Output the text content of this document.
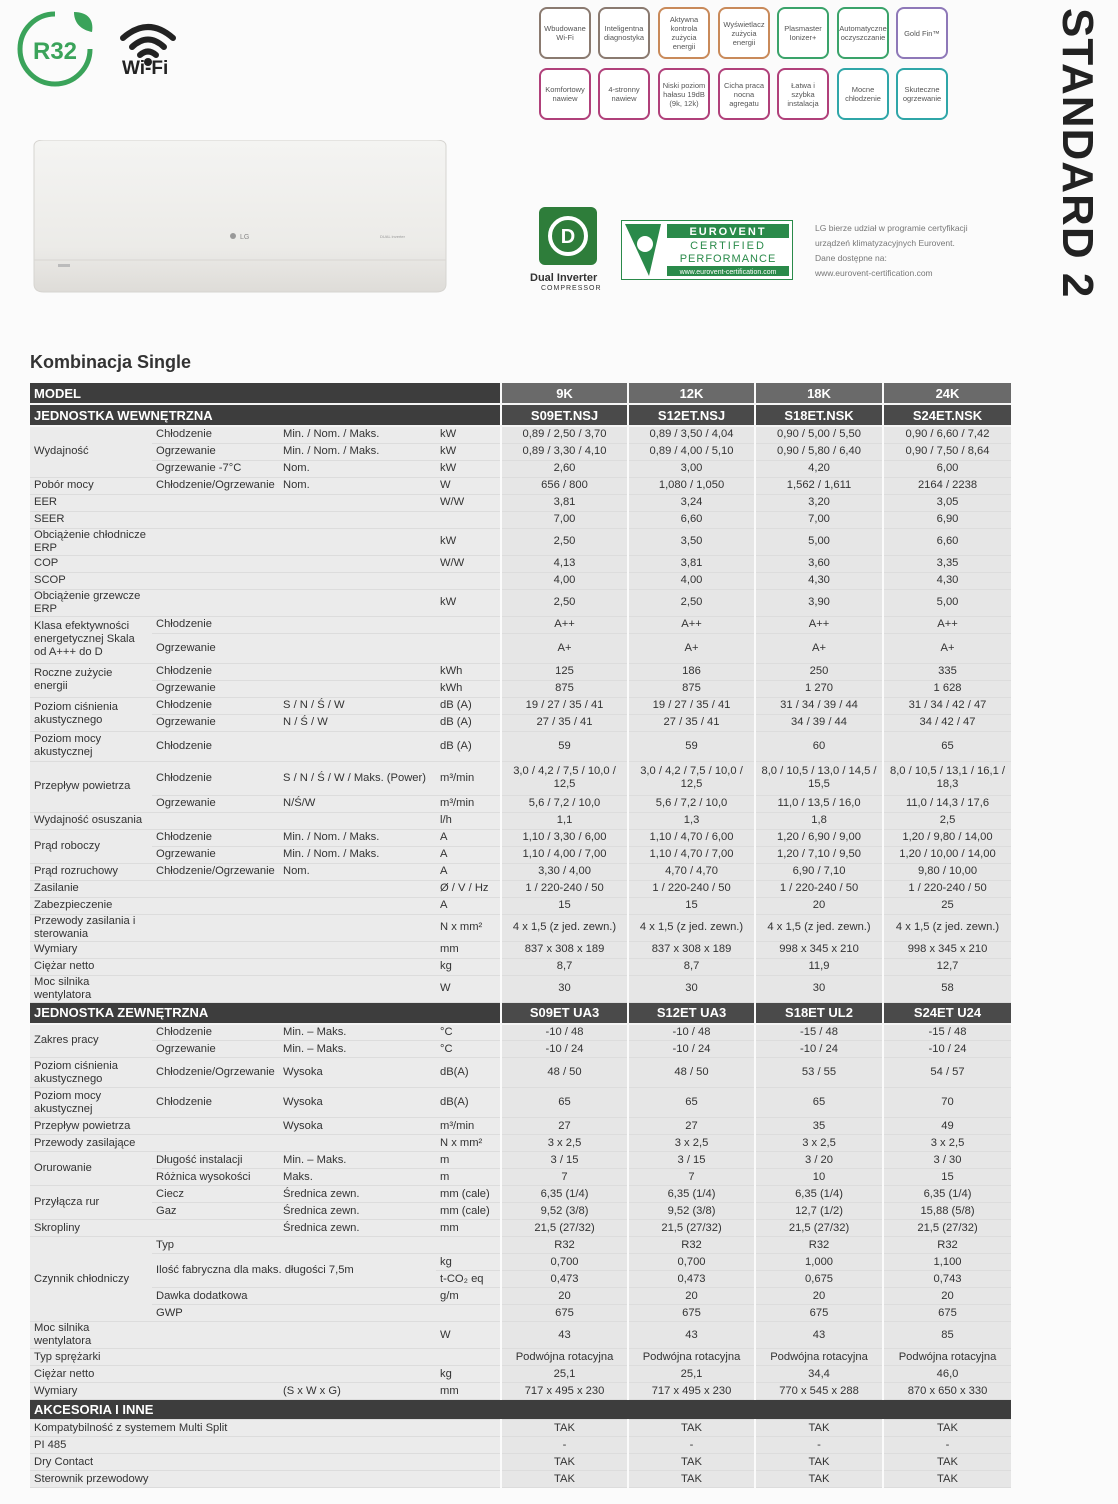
R32
Wi-Fi
Wbudowane Wi-Fi
Inteligentna diagnostyka
Aktywna kontrola zużycia energii
Wyświetlacz zużycia energii
Plasmaster Ionizer+
Automatyczne oczyszczanie	Gold Fin™
Komfortowy nawiew
4-stronny nawiew
Niski poziom hałasu 19dB (9k, 12k)
Cicha praca nocna agregatu
Łatwa i szybka instalacja
Mocne chłodzenie
Skuteczne ogrzewanie	STANDARD 2
LG	DUAL inverter	D
Dual Inverter
COMPRESSOR
EUROVENT
CERTIFIED
PERFORMANCE
www.eurovent-certification.com
LG bierze udział w programie certyfikacji
urządzeń klimatyzacyjnych Eurovent.
Dane dostępne na:
www.eurovent-certification.com
Kombinacja Single
MODEL				9K	12K	18K	24K
JEDNOSTKA WEWNĘTRZNA				S09ET.NSJ	S12ET.NSJ	S18ET.NSK	S24ET.NSK
Wydajność	Chłodzenie	Min. / Nom. / Maks.	kW	0,89 / 2,50 / 3,70	0,89 / 3,50 / 4,04	0,90 / 5,00 / 5,50	0,90 / 6,60 / 7,42
	Ogrzewanie	Min. / Nom. / Maks.	kW	0,89 / 3,30 / 4,10	0,89 / 4,00 / 5,10	0,90 / 5,80 / 6,40	0,90 / 7,50 / 8,64
	Ogrzewanie -7°C	Nom.	kW	2,60	3,00	4,20	6,00
Pobór mocy	Chłodzenie/Ogrzewanie	Nom.	W	656 / 800	1,080 / 1,050	1,562 / 1,611	2164 / 2238
EER			W/W	3,81	3,24	3,20	3,05
SEER				7,00	6,60	7,00	6,90
Obciążenie chłodnicze ERP			kW	2,50	3,50	5,00	6,60
COP			W/W	4,13	3,81	3,60	3,35
SCOP				4,00	4,00	4,30	4,30
Obciążenie grzewcze ERP			kW	2,50	2,50	3,90	5,00
Klasa efektywności energetycznej Skala od A+++ do D	Chłodzenie			A++	A++	A++	A++
	Ogrzewanie			A+	A+	A+	A+
Roczne zużycie energii	Chłodzenie		kWh	125	186	250	335
	Ogrzewanie		kWh	875	875	1 270	1 628
Poziom ciśnienia akustycznego	Chłodzenie	S / N / Ś / W	dB (A)	19 / 27 / 35 / 41	19 / 27 / 35 / 41	31 / 34 / 39 / 44	31 / 34 / 42 / 47
	Ogrzewanie	N / Ś / W	dB (A)	27 / 35 / 41	27 / 35 / 41	34 / 39 / 44	34 / 42 / 47
Poziom mocy akustycznej	Chłodzenie		dB (A)	59	59	60	65
Przepływ powietrza	Chłodzenie	S / N / Ś / W / Maks. (Power)	m³/min	3,0 / 4,2 / 7,5 / 10,0 / 12,5	3,0 / 4,2 / 7,5 / 10,0 / 12,5	8,0 / 10,5 / 13,0 / 14,5 / 15,5	8,0 / 10,5 / 13,1 / 16,1 / 18,3
	Ogrzewanie	N/Ś/W	m³/min	5,6 / 7,2 / 10,0	5,6 / 7,2 / 10,0	11,0 / 13,5 / 16,0	11,0 / 14,3 / 17,6
Wydajność osuszania			l/h	1,1	1,3	1,8	2,5
Prąd roboczy	Chłodzenie	Min. / Nom. / Maks.	A	1,10 / 3,30 / 6,00	1,10 / 4,70 / 6,00	1,20 / 6,90 / 9,00	1,20 / 9,80 / 14,00
	Ogrzewanie	Min. / Nom. / Maks.	A	1,10 / 4,00 / 7,00	1,10 / 4,70 / 7,00	1,20 / 7,10 / 9,50	1,20 / 10,00 / 14,00
Prąd rozruchowy	Chłodzenie/Ogrzewanie	Nom.	A	3,30 / 4,00	4,70 / 4,70	6,90 / 7,10	9,80 / 10,00
Zasilanie			Ø / V / Hz	1 / 220-240 / 50	1 / 220-240 / 50	1 / 220-240 / 50	1 / 220-240 / 50
Zabezpieczenie			A	15	15	20	25
Przewody zasilania i sterowania			N x mm²	4 x 1,5 (z jed. zewn.)	4 x 1,5 (z jed. zewn.)	4 x 1,5 (z jed. zewn.)	4 x 1,5 (z jed. zewn.)
Wymiary			mm	837 x 308 x 189	837 x 308 x 189	998 x 345 x 210	998 x 345 x 210
Ciężar netto			kg	8,7	8,7	11,9	12,7
Moc silnika wentylatora			W	30	30	30	58
JEDNOSTKA ZEWNĘTRZNA				S09ET UA3	S12ET UA3	S18ET UL2	S24ET U24
Zakres pracy	Chłodzenie	Min. – Maks.	°C	-10 / 48	-10 / 48	-15 / 48	-15 / 48
	Ogrzewanie	Min. – Maks.	°C	-10 / 24	-10 / 24	-10 / 24	-10 / 24
Poziom ciśnienia akustycznego	Chłodzenie/Ogrzewanie	Wysoka	dB(A)	48 / 50	48 / 50	53 / 55	54 / 57
Poziom mocy akustycznej	Chłodzenie	Wysoka	dB(A)	65	65	65	70
Przepływ powietrza		Wysoka	m³/min	27	27	35	49
Przewody zasilające			N x mm²	3 x 2,5	3 x 2,5	3 x 2,5	3 x 2,5
Orurowanie	Długość instalacji	Min. – Maks.	m	3 / 15	3 / 15	3 / 20	3 / 30
	Różnica wysokości	Maks.	m	7	7	10	15
Przyłącza rur	Ciecz	Średnica zewn.	mm (cale)	6,35 (1/4)	6,35 (1/4)	6,35 (1/4)	6,35 (1/4)
	Gaz	Średnica zewn.	mm (cale)	9,52 (3/8)	9,52 (3/8)	12,7 (1/2)	15,88 (5/8)
Skropliny		Średnica zewn.	mm	21,5 (27/32)	21,5 (27/32)	21,5 (27/32)	21,5 (27/32)
Czynnik chłodniczy	Typ			R32	R32	R32	R32
	Ilość fabryczna dla maks. długości 7,5m		kg	0,700	0,700	1,000	1,100
			t-CO₂ eq	0,473	0,473	0,675	0,743
	Dawka dodatkowa		g/m	20	20	20	20
	GWP			675	675	675	675
Moc silnika wentylatora			W	43	43	43	85
Typ sprężarki				Podwójna rotacyjna	Podwójna rotacyjna	Podwójna rotacyjna	Podwójna rotacyjna
Ciężar netto			kg	25,1	25,1	34,4	46,0
Wymiary		(S x W x G)	mm	717 x 495 x 230	717 x 495 x 230	770 x 545 x 288	870 x 650 x 330
AKCESORIA I INNE							
Kompatybilność z systemem Multi Split				TAK	TAK	TAK	TAK
PI 485				-	-	-	-
Dry Contact				TAK	TAK	TAK	TAK
Sterownik przewodowy				TAK	TAK	TAK	TAK
